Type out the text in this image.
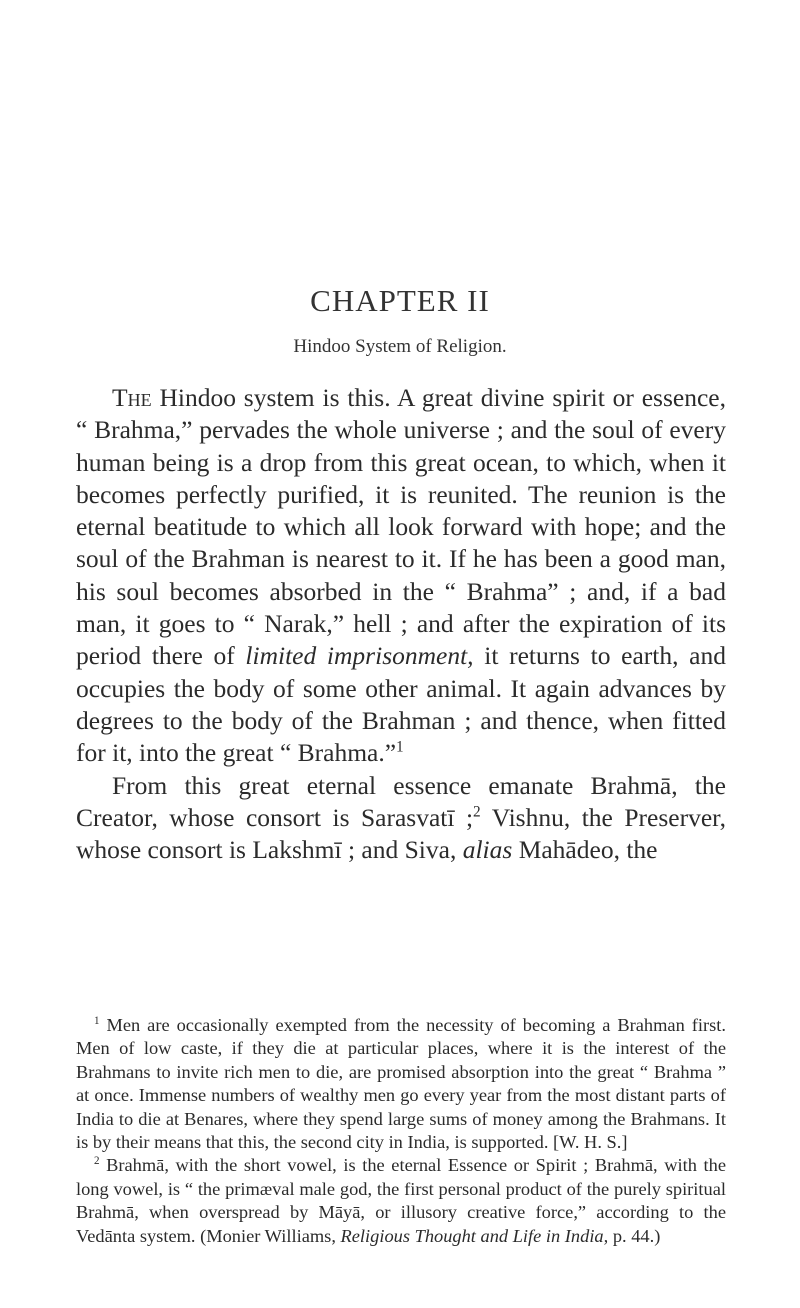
CHAPTER II
Hindoo System of Religion.

The Hindoo system is this. A great divine spirit or essence, “ Brahma,” pervades the whole universe ; and the soul of every human being is a drop from this great ocean, to which, when it becomes perfectly purified, it is reunited. The reunion is the eternal beatitude to which all look forward with hope; and the soul of the Brahman is nearest to it. If he has been a good man, his soul becomes absorbed in the “ Brahma” ; and, if a bad man, it goes to “ Narak,” hell ; and after the expiration of its period there of limited imprisonment, it returns to earth, and occupies the body of some other animal. It again advances by degrees to the body of the Brahman ; and thence, when fitted for it, into the great “ Brahma.”$^1$

From this great eternal essence emanate Brahmā, the Creator, whose consort is Sarasvatī ;$^2$ Vishnu, the Preserver, whose consort is Lakshmī ; and Siva, alias Mahādeo, the

$^1$ Men are occasionally exempted from the necessity of becoming a Brahman first. Men of low caste, if they die at particular places, where it is the interest of the Brahmans to invite rich men to die, are promised absorption into the great “ Brahma ” at once. Immense numbers of wealthy men go every year from the most distant parts of India to die at Benares, where they spend large sums of money among the Brahmans. It is by their means that this, the second city in India, is supported. [W. H. S.]

$^2$ Brahmā, with the short vowel, is the eternal Essence or Spirit ; Brahmā, with the long vowel, is “ the primæval male god, the first personal product of the purely spiritual Brahmā, when overspread by Māyā, or illusory creative force,” according to the Vedānta system. (Monier Williams, Religious Thought and Life in India, p. 44.)
